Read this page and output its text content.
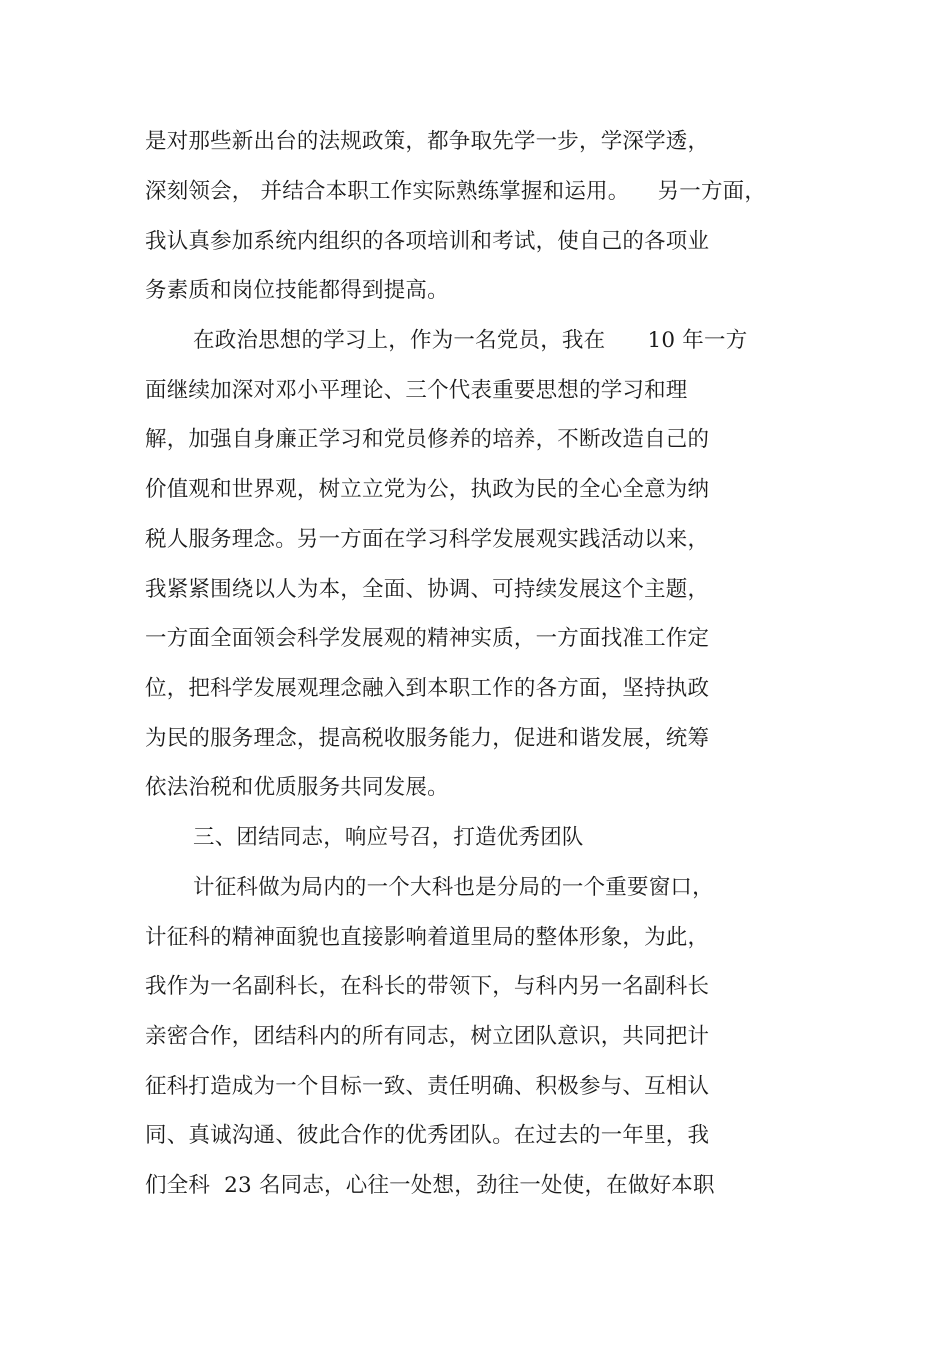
是对那些新出台的法规政策，都争取先学一步，学深学透，
深刻领会， 并结合本职工作实际熟练掌握和运用。    另一方面，
我认真参加系统内组织的各项培训和考试，使自己的各项业
务素质和岗位技能都得到提高。
在政治思想的学习上，作为一名党员，我在      10 年一方
面继续加深对邓小平理论、三个代表重要思想的学习和理
解，加强自身廉正学习和党员修养的培养，不断改造自己的
价值观和世界观，树立立党为公，执政为民的全心全意为纳
税人服务理念。另一方面在学习科学发展观实践活动以来，
我紧紧围绕以人为本，全面、协调、可持续发展这个主题，
一方面全面领会科学发展观的精神实质，一方面找准工作定
位，把科学发展观理念融入到本职工作的各方面，坚持执政
为民的服务理念，提高税收服务能力，促进和谐发展，统筹
依法治税和优质服务共同发展。
三、团结同志，响应号召，打造优秀团队
计征科做为局内的一个大科也是分局的一个重要窗口，
计征科的精神面貌也直接影响着道里局的整体形象，为此，
我作为一名副科长，在科长的带领下，与科内另一名副科长
亲密合作，团结科内的所有同志，树立团队意识，共同把计
征科打造成为一个目标一致、责任明确、积极参与、互相认
同、真诚沟通、彼此合作的优秀团队。在过去的一年里，我
们全科  23 名同志，心往一处想，劲往一处使，在做好本职
